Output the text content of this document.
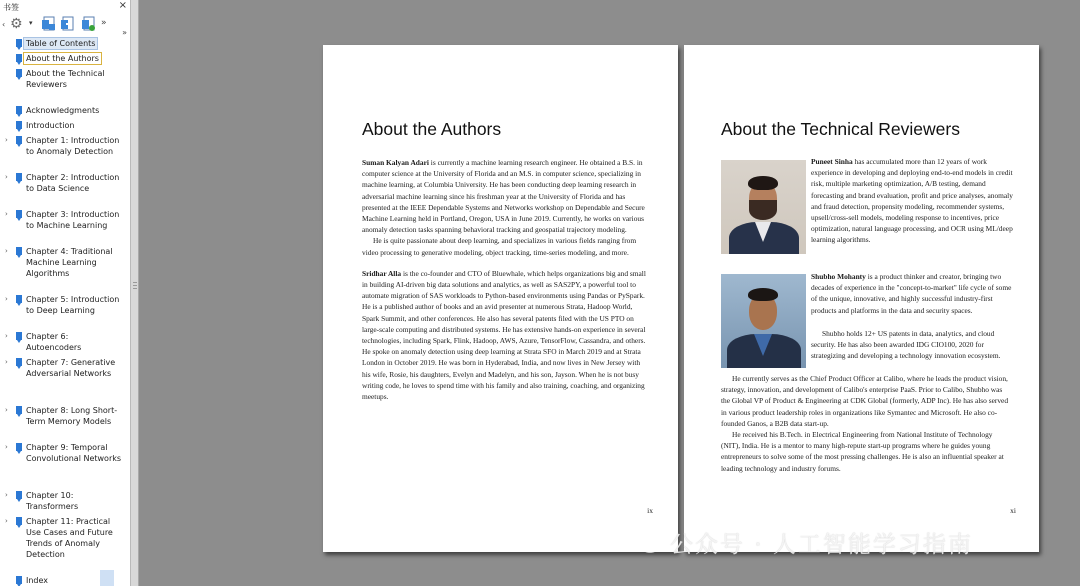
书签	×
‹ ⚙ ▾	»
»
Table of Contents
About the Authors
About the Technical Reviewers
Acknowledgments
Introduction
› Chapter 1: Introduction to Anomaly Detection
› Chapter 2: Introduction to Data Science
› Chapter 3: Introduction to Machine Learning
› Chapter 4: Traditional Machine Learning Algorithms
› Chapter 5: Introduction to Deep Learning
› Chapter 6: Autoencoders
› Chapter 7: Generative Adversarial Networks
› Chapter 8: Long Short-Term Memory Models
› Chapter 9: Temporal Convolutional Networks
› Chapter 10: Transformers
› Chapter 11: Practical Use Cases and Future Trends of Anomaly Detection
Index
About the Authors

Suman Kalyan Adari is currently a machine learning research engineer. He obtained a B.S. in computer science at the University of Florida and an M.S. in computer science, specializing in machine learning, at Columbia University. He has been conducting deep learning research in adversarial machine learning since his freshman year at the University of Florida and has presented at the IEEE Dependable Systems and Networks workshop on Dependable and Secure Machine Learning held in Portland, Oregon, USA in June 2019. Currently, he works on various anomaly detection tasks spanning behavioral tracking and geospatial trajectory modeling.

He is quite passionate about deep learning, and specializes in various fields ranging from video processing to generative modeling, object tracking, time-series modeling, and more.

Sridhar Alla is the co-founder and CTO of Bluewhale, which helps organizations big and small in building AI-driven big data solutions and analytics, as well as SAS2PY, a powerful tool to automate migration of SAS workloads to Python-based environments using Pandas or PySpark. He is a published author of books and an avid presenter at numerous Strata, Hadoop World, Spark Summit, and other conferences. He also has several patents filed with the US PTO on large-scale computing and distributed systems. He has extensive hands-on experience in several technologies, including Spark, Flink, Hadoop, AWS, Azure, TensorFlow, Cassandra, and others. He spoke on anomaly detection using deep learning at Strata SFO in March 2019 and at Strata London in October 2019. He was born in Hyderabad, India, and now lives in New Jersey with his wife, Rosie, his daughters, Evelyn and Madelyn, and his son, Jayson. When he is not busy writing code, he loves to spend time with his family and also training, coaching, and organizing meetups.

ix
About the Technical Reviewers
Puneet Sinha has accumulated more than 12 years of work experience in developing and deploying end-to-end models in credit risk, multiple marketing optimization, A/B testing, demand forecasting and brand evaluation, profit and price analyses, anomaly and fraud detection, propensity modeling, recommender systems, upsell/cross-sell models, modeling response to incentives, price optimization, natural language processing, and OCR using ML/deep learning algorithms.
Shubho Mohanty is a product thinker and creator, bringing two decades of experience in the "concept-to-market" life cycle of some of the unique, innovative, and highly successful industry-first products and platforms in the data and security spaces.
Shubho holds 12+ US patents in data, analytics, and cloud security. He has also been awarded IDG CIO100, 2020 for strategizing and developing a technology innovation ecosystem.

He currently serves as the Chief Product Officer at Calibo, where he leads the product vision, strategy, innovation, and development of Calibo's enterprise PaaS. Prior to Calibo, Shubho was the Global VP of Product & Engineering at CDK Global (formerly, ADP Inc). He has also served in various product leadership roles in organizations like Symantec and Microsoft. He also co-founded Ganos, a B2B data start-up.

He received his B.Tech. in Electrical Engineering from National Institute of Technology (NIT), India. He is a mentor to many high-repute start-up programs where he guides young entrepreneurs to solve some of the most pressing challenges. He is also an influential speaker at leading technology and industry forums.

xi
公众号 · 人工智能学习指南
